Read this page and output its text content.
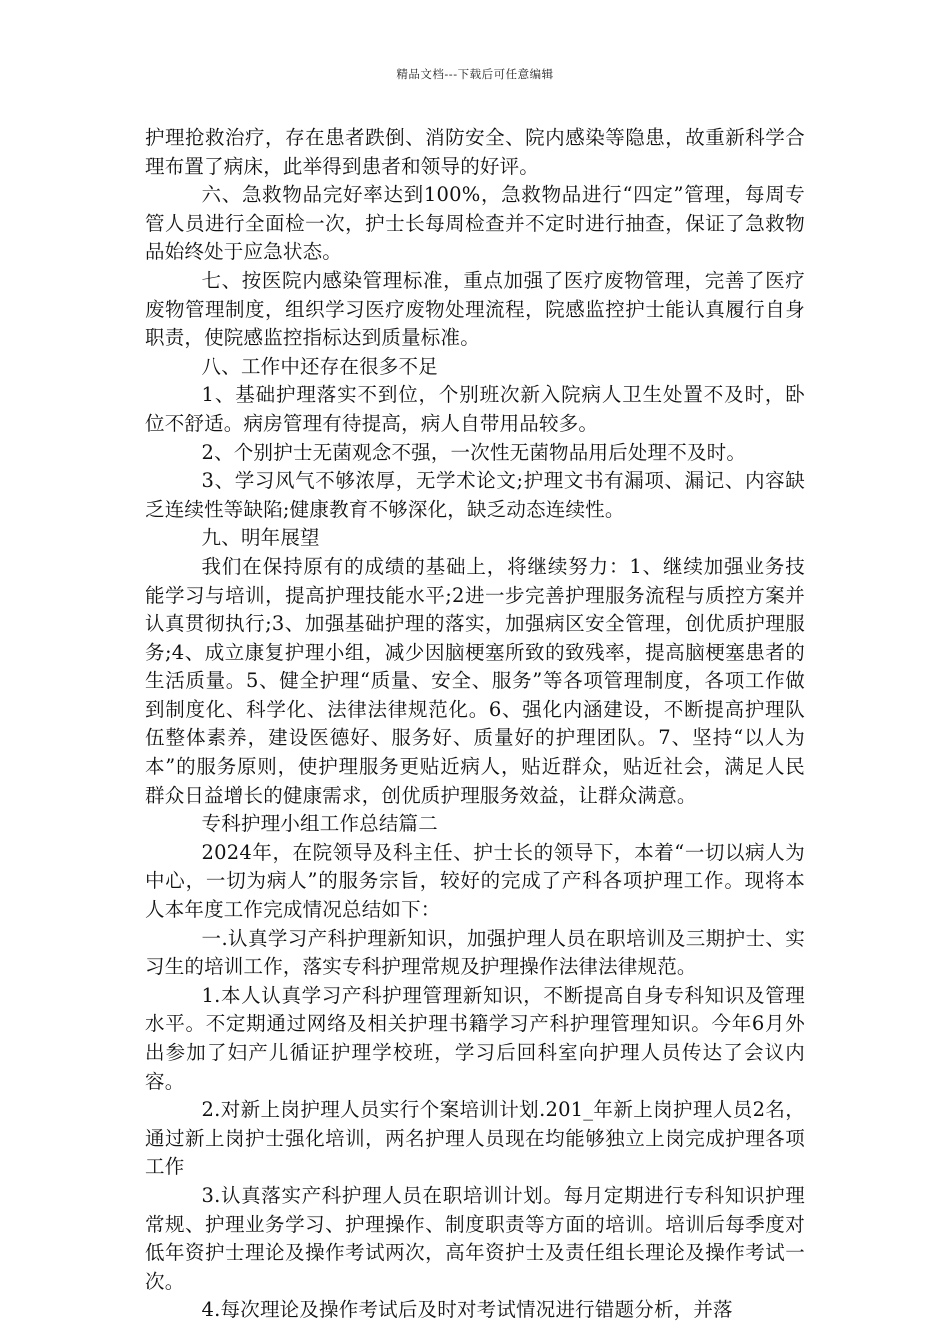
精品文档---下载后可任意编辑

护理抢救治疗，存在患者跌倒、消防安全、院内感染等隐患，故重新科学合理布置了病床，此举得到患者和领导的好评。

六、急救物品完好率达到100%，急救物品进行“四定”管理，每周专管人员进行全面检一次，护士长每周检查并不定时进行抽查，保证了急救物品始终处于应急状态。

七、按医院内感染管理标准，重点加强了医疗废物管理，完善了医疗废物管理制度，组织学习医疗废物处理流程，院感监控护士能认真履行自身职责，使院感监控指标达到质量标准。

八、工作中还存在很多不足

1、基础护理落实不到位，个别班次新入院病人卫生处置不及时，卧位不舒适。病房管理有待提高，病人自带用品较多。

2、个别护士无菌观念不强，一次性无菌物品用后处理不及时。

3、学习风气不够浓厚，无学术论文;护理文书有漏项、漏记、内容缺乏连续性等缺陷;健康教育不够深化，缺乏动态连续性。

九、明年展望

我们在保持原有的成绩的基础上，将继续努力：1、继续加强业务技能学习与培训，提高护理技能水平;2进一步完善护理服务流程与质控方案并认真贯彻执行;3、加强基础护理的落实，加强病区安全管理，创优质护理服务;4、成立康复护理小组，减少因脑梗塞所致的致残率，提高脑梗塞患者的生活质量。5、健全护理“质量、安全、服务”等各项管理制度，各项工作做到制度化、科学化、法律法律规范化。6、强化内涵建设，不断提高护理队伍整体素养，建设医德好、服务好、质量好的护理团队。7、坚持“以人为本”的服务原则，使护理服务更贴近病人，贴近群众，贴近社会，满足人民群众日益增长的健康需求，创优质护理服务效益，让群众满意。

专科护理小组工作总结篇二

2024年，在院领导及科主任、护士长的领导下，本着“一切以病人为中心，一切为病人”的服务宗旨，较好的完成了产科各项护理工作。现将本人本年度工作完成情况总结如下：

一.认真学习产科护理新知识，加强护理人员在职培训及三期护士、实习生的培训工作，落实专科护理常规及护理操作法律法律规范。

1.本人认真学习产科护理管理新知识，不断提高自身专科知识及管理水平。不定期通过网络及相关护理书籍学习产科护理管理知识。今年6月外出参加了妇产儿循证护理学校班，学习后回科室向护理人员传达了会议内容。

2.对新上岗护理人员实行个案培训计划.201_年新上岗护理人员2名，通过新上岗护士强化培训，两名护理人员现在均能够独立上岗完成护理各项工作

3.认真落实产科护理人员在职培训计划。每月定期进行专科知识护理常规、护理业务学习、护理操作、制度职责等方面的培训。培训后每季度对低年资护士理论及操作考试两次，高年资护士及责任组长理论及操作考试一次。

4.每次理论及操作考试后及时对考试情况进行错题分析，并落
